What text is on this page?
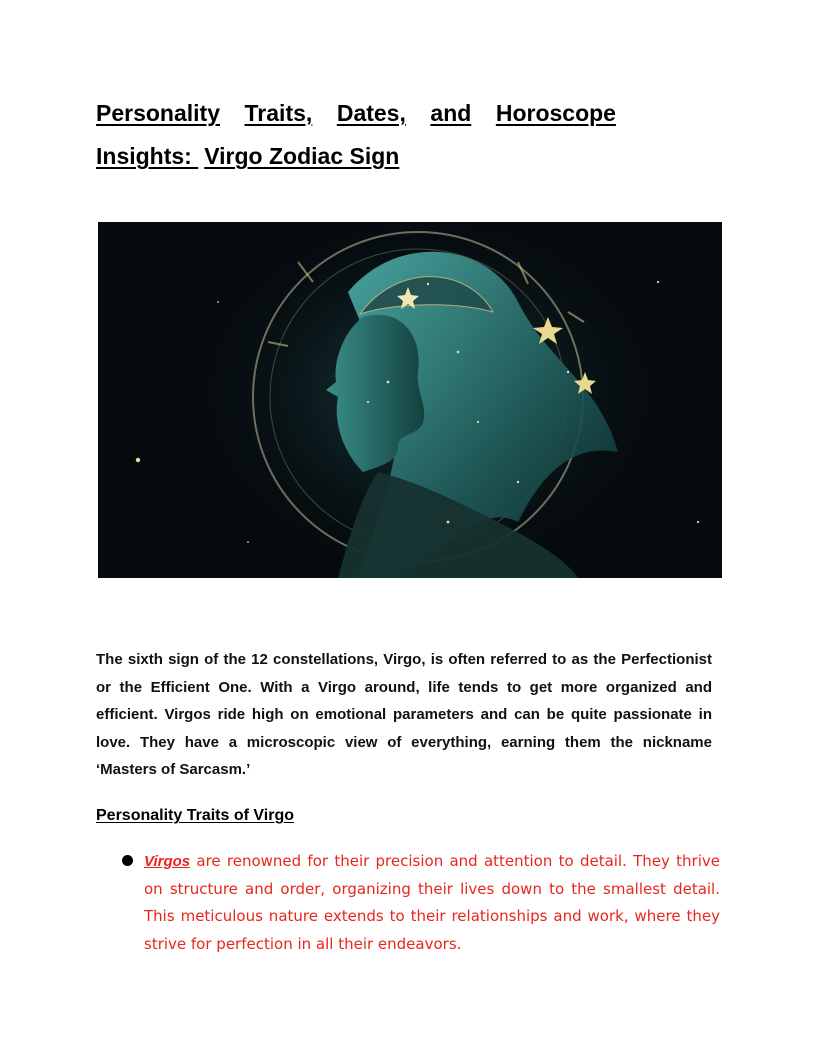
Personality Traits, Dates, and Horoscope
Insights: Virgo Zodiac Sign

The sixth sign of the 12 constellations, Virgo, is often referred to as the Perfectionist or the Efficient One. With a Virgo around, life tends to get more organized and efficient. Virgos ride high on emotional parameters and can be quite passionate in love. They have a microscopic view of everything, earning them the nickname ‘Masters of Sarcasm.’

Personality Traits of Virgo
Virgos are renowned for their precision and attention to detail. They thrive on structure and order, organizing their lives down to the smallest detail. This meticulous nature extends to their relationships and work, where they strive for perfection in all their endeavors.
